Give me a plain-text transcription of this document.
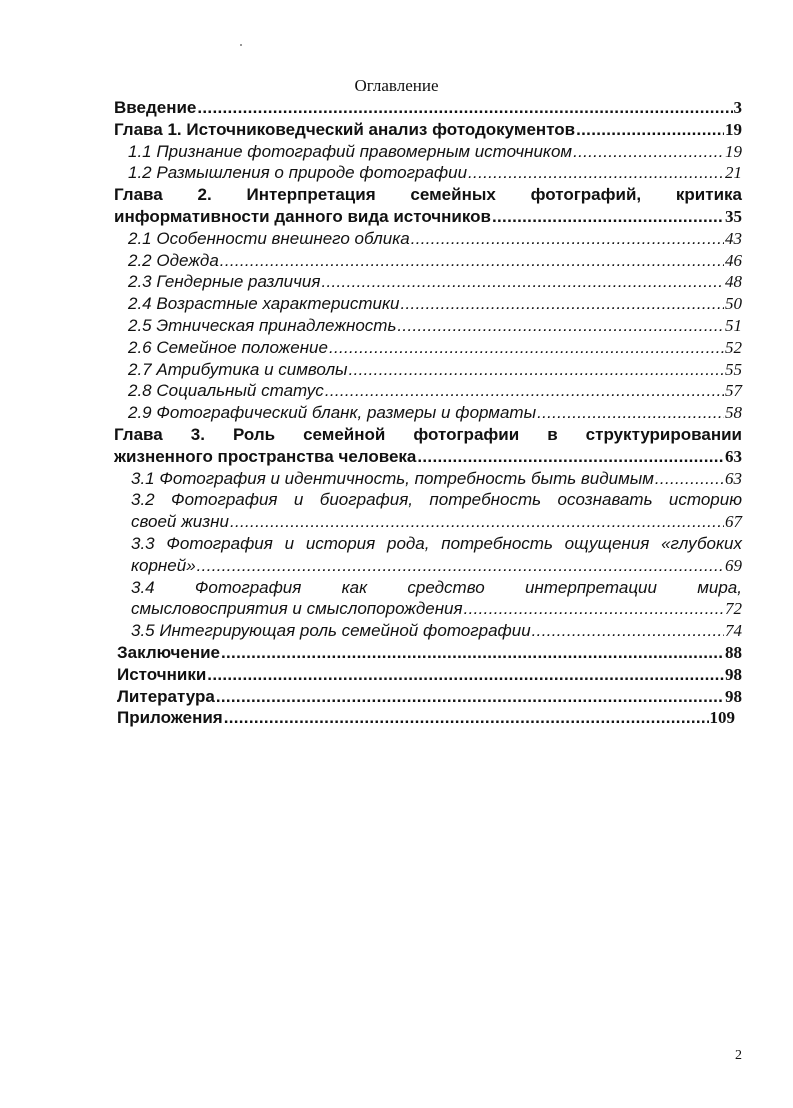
Оглавление
Введение .....	3
Глава 1. Источниковедческий анализ фотодокументов .....	19
1.1 Признание фотографий правомерным источником .....	19
1.2 Размышления о природе фотографии .....	21
Глава 2. Интерпретация семейных фотографий, критика
информативности данного вида источников .....	35
2.1 Особенности внешнего облика .....	43
2.2 Одежда .....	46
2.3 Гендерные различия .....	48
2.4 Возрастные характеристики .....	50
2.5 Этническая принадлежность .....	51
2.6 Семейное положение .....	52
2.7 Атрибутика и символы .....	55
2.8 Социальный статус .....	57
2.9 Фотографический бланк, размеры и форматы .....	58
Глава 3. Роль семейной фотографии в структурировании
жизненного пространства человека .....	63
3.1 Фотография и идентичность, потребность быть видимым .....	63
3.2 Фотография и биография, потребность осознавать историю
своей жизни .....	67
3.3 Фотография и история рода, потребность ощущения «глубоких
корней» .....	69
3.4 Фотография как средство интерпретации мира,
смысловосприятия и смыслопорождения .....	72
3.5 Интегрирующая роль семейной фотографии .....	74
Заключение .....	88
Источники .....	98
Литература .....	98
Приложения .....	109
2
